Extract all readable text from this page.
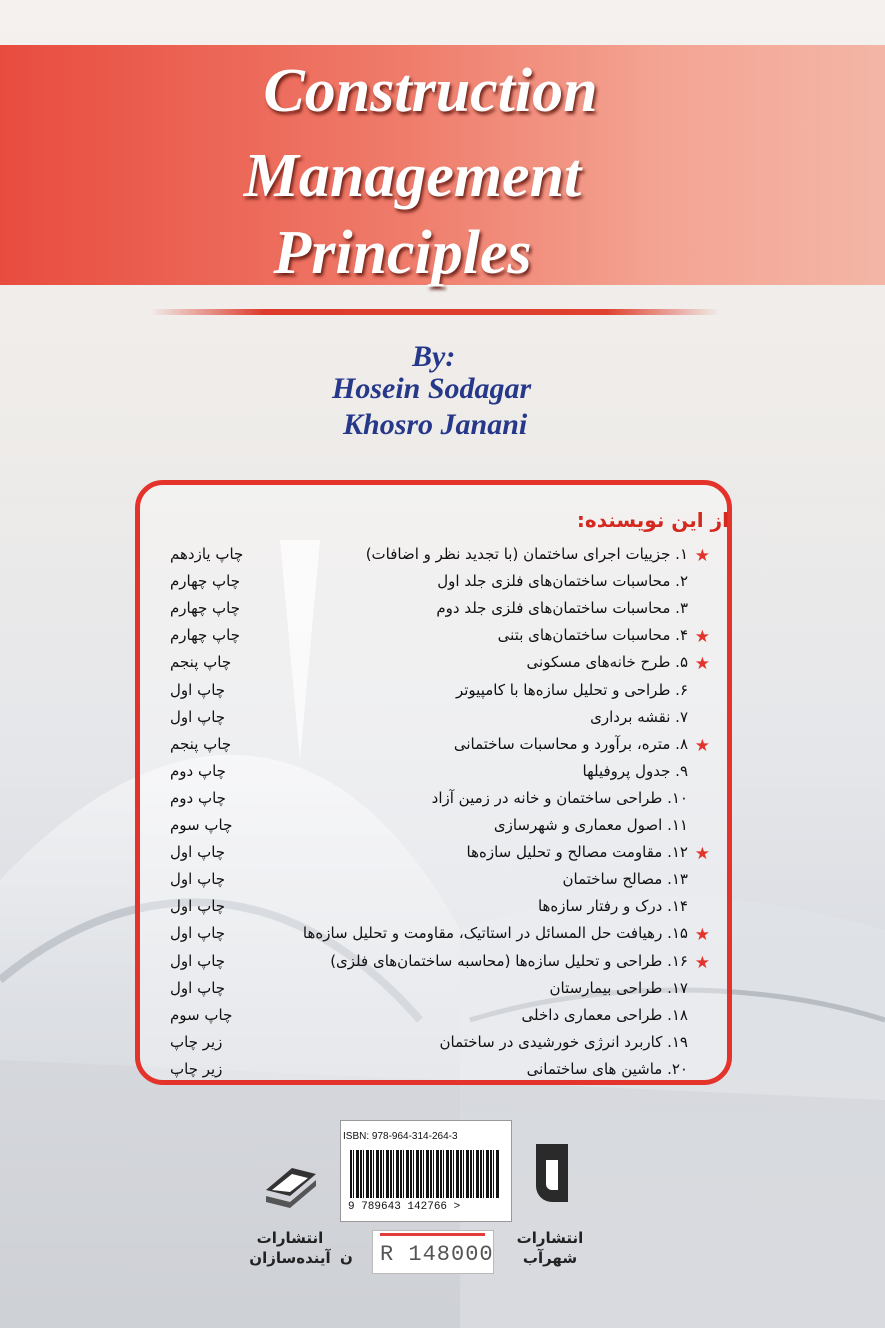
Construction
Management
Principles
By:
Hosein Sodagar
Khosro Janani
از این نویسنده:
★
۱. جزییات اجرای ساختمان (با تجدید نظر و اضافات)
چاپ یازدهم
۲. محاسبات ساختمان‌های فلزی جلد اول
چاپ چهارم
۳. محاسبات ساختمان‌های فلزی جلد دوم
چاپ چهارم
★
۴. محاسبات ساختمان‌های بتنی
چاپ چهارم
★
۵. طرح خانه‌های مسکونی
چاپ پنجم
۶. طراحی و تحلیل سازه‌ها با کامپیوتر
چاپ اول
۷. نقشه برداری
چاپ اول
★
۸. متره، برآورد و محاسبات ساختمانی
چاپ پنجم
۹. جدول پروفیلها
چاپ دوم
۱۰. طراحی ساختمان و خانه در زمین آزاد
چاپ دوم
۱۱. اصول معماری و شهرسازی
چاپ سوم
★
۱۲. مقاومت مصالح و تحلیل سازه‌ها
چاپ اول
۱۳. مصالح ساختمان
چاپ اول
۱۴. درک و رفتار سازه‌ها
چاپ اول
★
۱۵. رهیافت حل المسائل در استاتیک، مقاومت و تحلیل سازه‌ها
چاپ اول
★
۱۶. طراحی و تحلیل سازه‌ها (محاسبه ساختمان‌های فلزی)
چاپ اول
۱۷. طراحی بیمارستان
چاپ اول
۱۸. طراحی معماری داخلی
چاپ سوم
۱۹. کاربرد انرژی خورشیدی در ساختمان
زیر چاپ
۲۰. ماشین های ساختمانی
زیر چاپ
ISBN: 978-964-314-264-3
9 789643 142766 >
R 148000
ن
انتشارات
شهرآب
انتشارات
آینده‌سازان
